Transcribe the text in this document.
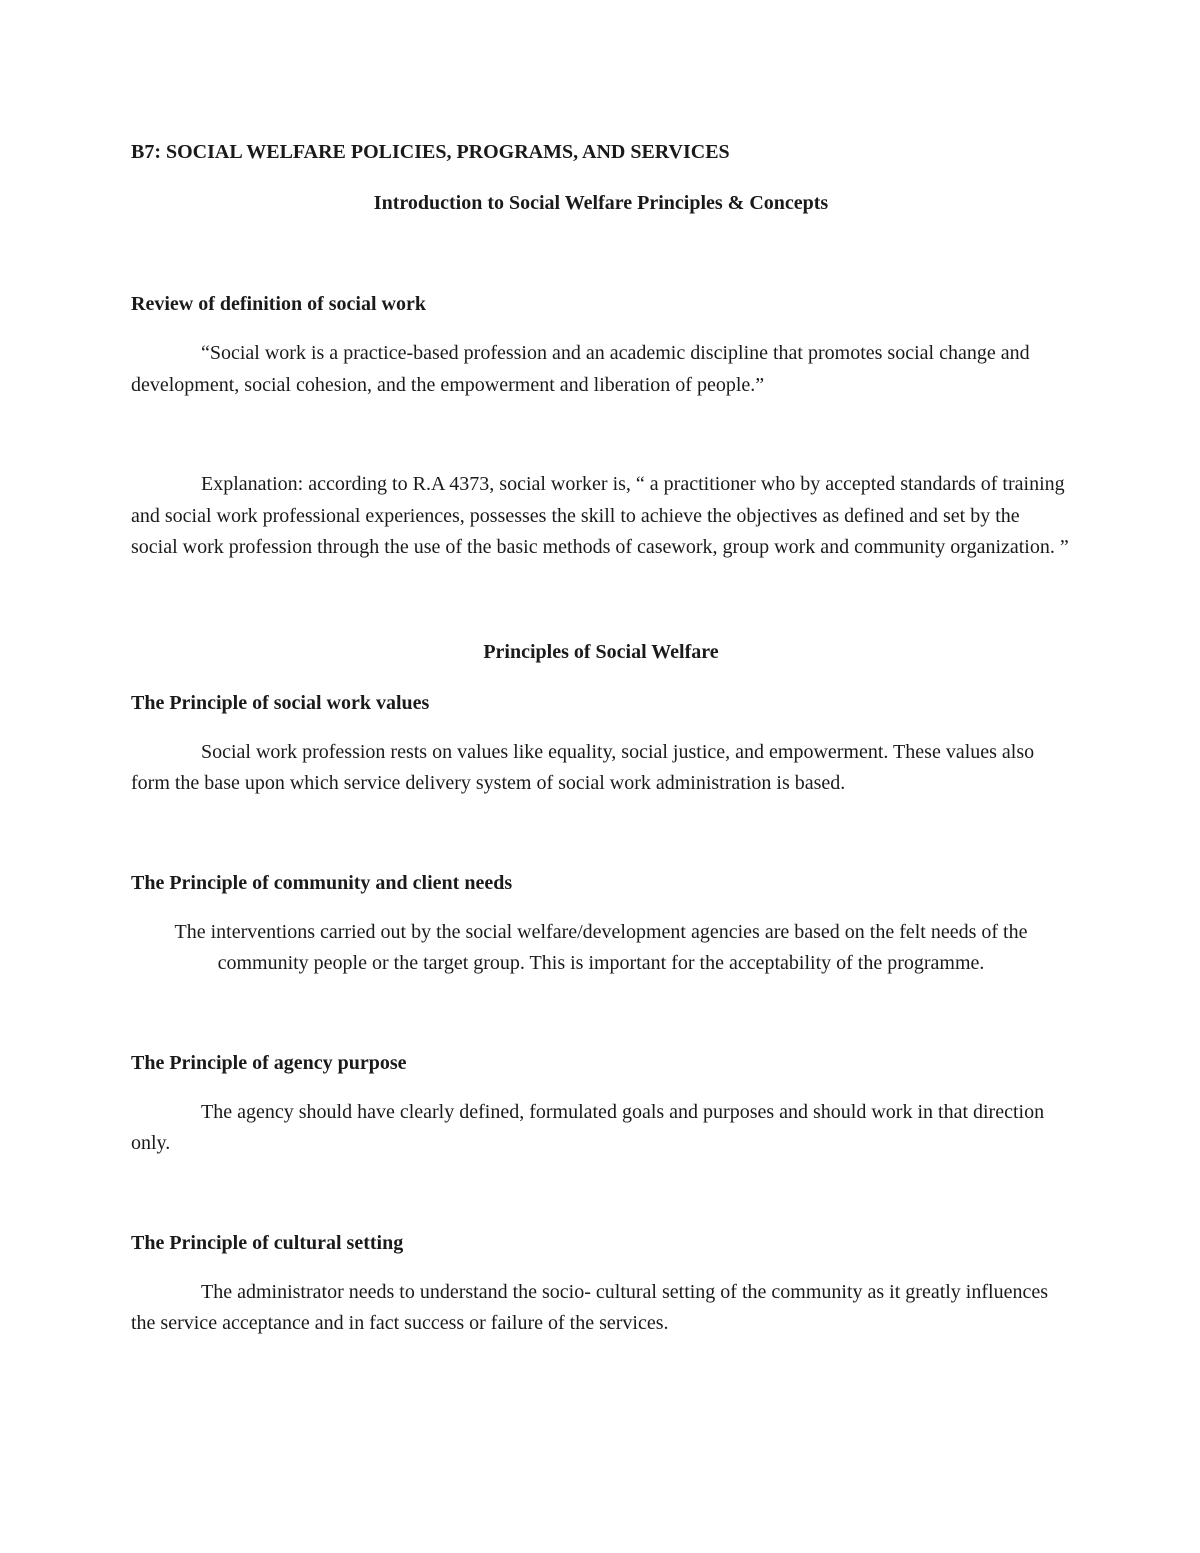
B7: SOCIAL WELFARE POLICIES, PROGRAMS, AND SERVICES
Introduction to Social Welfare Principles & Concepts
Review of definition of social work

“Social work is a practice-based profession and an academic discipline that promotes social change and development, social cohesion, and the empowerment and liberation of people.”

Explanation: according to R.A 4373, social worker is, “ a practitioner who by accepted standards of training and social work professional experiences, possesses the skill to achieve the objectives as defined and set by the social work profession through the use of the basic methods of casework, group work and community organization. ”

Principles of Social Welfare
The Principle of social work values

Social work profession rests on values like equality, social justice, and empowerment. These values also form the base upon which service delivery system of social work administration is based.

The Principle of community and client needs

The interventions carried out by the social welfare/development agencies are based on the felt needs of the community people or the target group. This is important for the acceptability of the programme.

The Principle of agency purpose

The agency should have clearly defined, formulated goals and purposes and should work in that direction only.

The Principle of cultural setting

The administrator needs to understand the socio- cultural setting of the community as it greatly influences the service acceptance and in fact success or failure of the services.
